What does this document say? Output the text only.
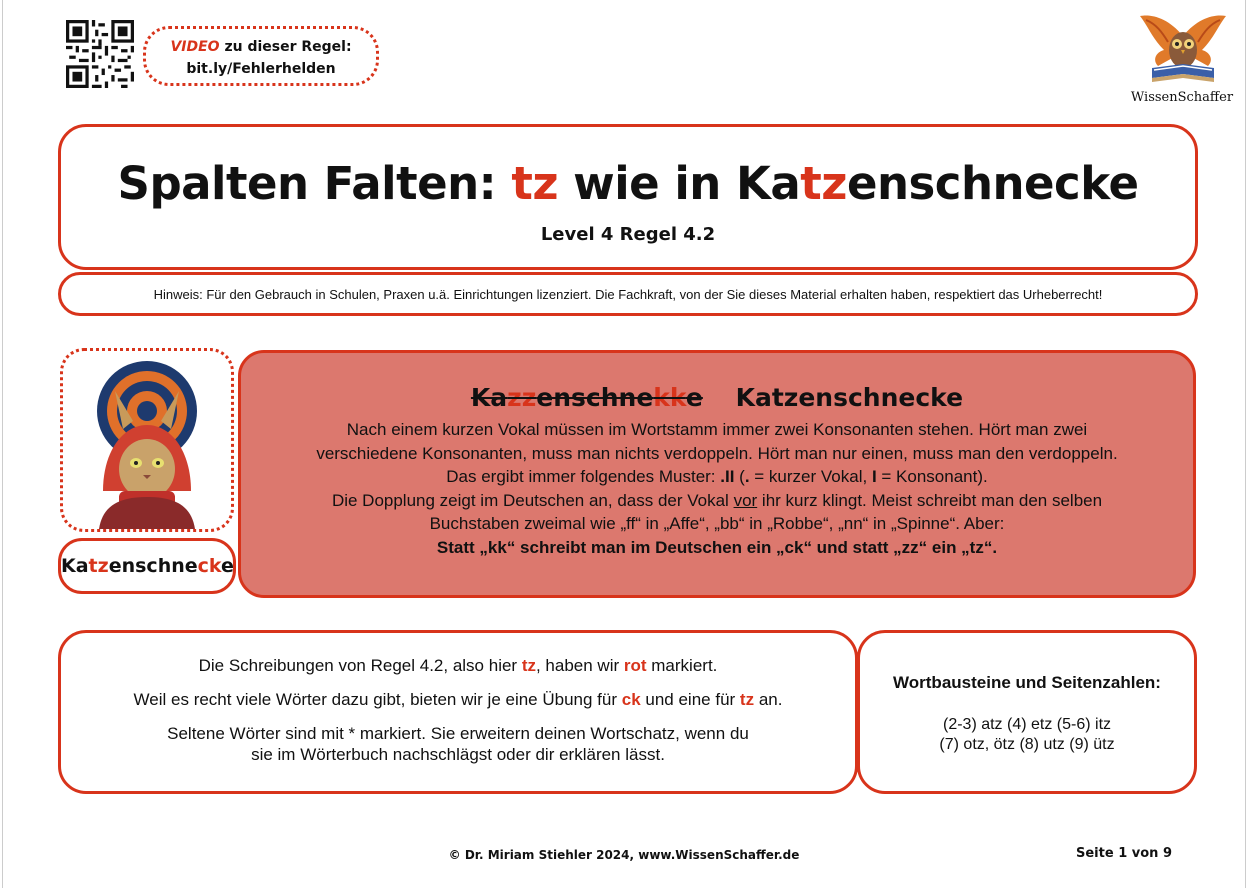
VIDEO zu dieser Regel:
bit.ly/Fehlerhelden
WissenSchaffer
Spalten Falten: tz wie in Katzenschnecke
Level 4 Regel 4.2
Hinweis: Für den Gebrauch in Schulen, Praxen u.ä. Einrichtungen lizenziert. Die Fachkraft, von der Sie dieses Material erhalten haben, respektiert das Urheberrecht!
Katzenschnecke
Kazzenschnekke Katzenschnecke

Nach einem kurzen Vokal müssen im Wortstamm immer zwei Konsonanten stehen. Hört man zwei

verschiedene Konsonanten, muss man nichts verdoppeln. Hört man nur einen, muss man den verdoppeln.

Das ergibt immer folgendes Muster: .II (. = kurzer Vokal, I = Konsonant).

Die Dopplung zeigt im Deutschen an, dass der Vokal vor ihr kurz klingt. Meist schreibt man den selben

Buchstaben zweimal wie „ff“ in „Affe“, „bb“ in „Robbe“, „nn“ in „Spinne“. Aber:

Statt „kk“ schreibt man im Deutschen ein „ck“ und statt „zz“ ein „tz“.

Die Schreibungen von Regel 4.2, also hier tz, haben wir rot markiert.

Weil es recht viele Wörter dazu gibt, bieten wir je eine Übung für ck und eine für tz an.

Seltene Wörter sind mit * markiert. Sie erweitern deinen Wortschatz, wenn du sie im Wörterbuch nachschlägst oder dir erklären lässt.

Wortbausteine und Seitenzahlen:
(2-3) atz (4) etz (5-6) itz
(7) otz, ötz (8) utz (9) ütz
© Dr. Miriam Stiehler 2024, www.WissenSchaffer.de	Seite 1 von 9
